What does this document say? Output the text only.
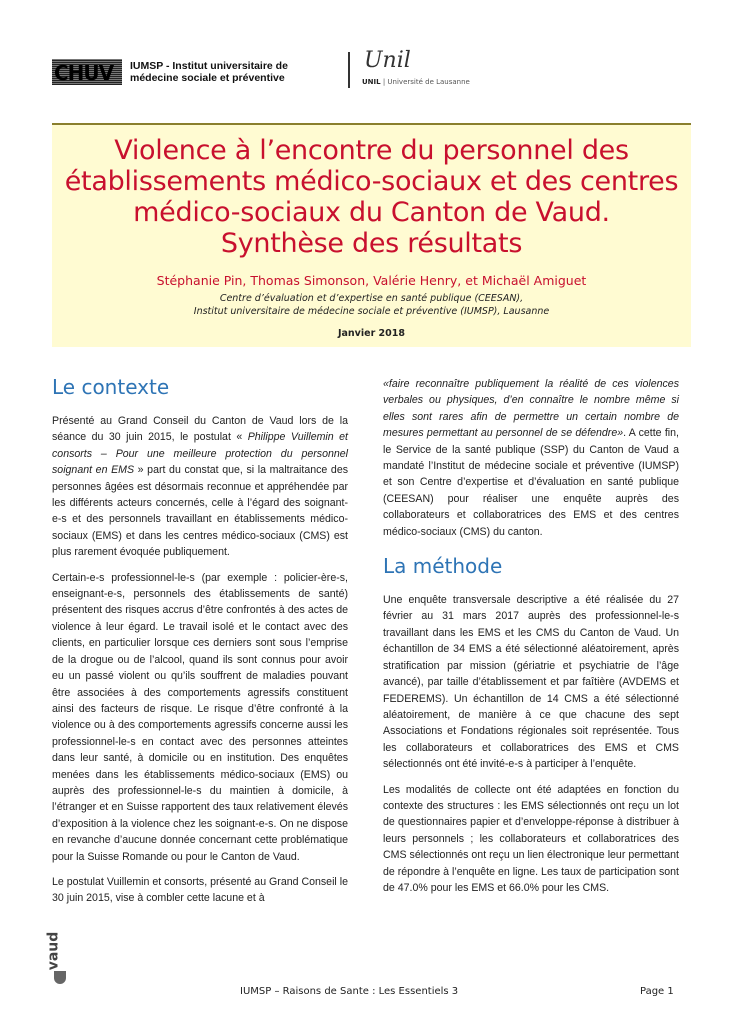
CHUV IUMSP - Institut universitaire de
médecine sociale et préventive
Unil
UNIL | Université de Lausanne
Violence à l’encontre du personnel des
établissements médico-sociaux et des centres
médico-sociaux du Canton de Vaud.
Synthèse des résultats
Stéphanie Pin, Thomas Simonson, Valérie Henry, et Michaël Amiguet
Centre d’évaluation et d’expertise en santé publique (CEESAN),
Institut universitaire de médecine sociale et préventive (IUMSP), Lausanne
Janvier 2018
Le contexte

Présenté au Grand Conseil du Canton de Vaud lors de la séance du 30 juin 2015, le postulat « Philippe Vuillemin et consorts – Pour une meilleure protection du personnel soignant en EMS » part du constat que, si la maltraitance des personnes âgées est désormais reconnue et appréhendée par les différents acteurs concernés, celle à l’égard des soignant-e-s et des personnels travaillant en établissements médico-sociaux (EMS) et dans les centres médico-sociaux (CMS) est plus rarement évoquée publiquement.

Certain-e-s professionnel-le-s (par exemple : policier-ère-s, enseignant-e-s, personnels des établissements de santé) présentent des risques accrus d’être confrontés à des actes de violence à leur égard. Le travail isolé et le contact avec des clients, en particulier lorsque ces derniers sont sous l’emprise de la drogue ou de l’alcool, quand ils sont connus pour avoir eu un passé violent ou qu’ils souffrent de maladies pouvant être associées à des comportements agressifs constituent ainsi des facteurs de risque. Le risque d’être confronté à la violence ou à des comportements agressifs concerne aussi les professionnel-le-s en contact avec des personnes atteintes dans leur santé, à domicile ou en institution. Des enquêtes menées dans les établissements médico-sociaux (EMS) ou auprès des professionnel-le-s du maintien à domicile, à l’étranger et en Suisse rapportent des taux relativement élevés d’exposition à la violence chez les soignant-e-s. On ne dispose en revanche d’aucune donnée concernant cette problématique pour la Suisse Romande ou pour le Canton de Vaud.

Le postulat Vuillemin et consorts, présenté au Grand Conseil le 30 juin 2015, vise à combler cette lacune et à

«faire reconnaître publiquement la réalité de ces violences verbales ou physiques, d’en connaître le nombre même si elles sont rares afin de permettre un certain nombre de mesures permettant au personnel de se défendre». A cette fin, le Service de la santé publique (SSP) du Canton de Vaud a mandaté l’Institut de médecine sociale et préventive (IUMSP) et son Centre d’expertise et d’évaluation en santé publique (CEESAN) pour réaliser une enquête auprès des collaborateurs et collaboratrices des EMS et des centres médico-sociaux (CMS) du canton.

La méthode

Une enquête transversale descriptive a été réalisée du 27 février au 31 mars 2017 auprès des professionnel-le-s travaillant dans les EMS et les CMS du Canton de Vaud. Un échantillon de 34 EMS a été sélectionné aléatoirement, après stratification par mission (gériatrie et psychiatrie de l’âge avancé), par taille d’établissement et par faîtière (AVDEMS et FEDEREMS). Un échantillon de 14 CMS a été sélectionné aléatoirement, de manière à ce que chacune des sept Associations et Fondations régionales soit représentée. Tous les collaborateurs et collaboratrices des EMS et CMS sélectionnés ont été invité-e-s à participer à l’enquête.

Les modalités de collecte ont été adaptées en fonction du contexte des structures : les EMS sélectionnés ont reçu un lot de questionnaires papier et d’enveloppe-réponse à distribuer à leurs personnels ; les collaborateurs et collaboratrices des CMS sélectionnés ont reçu un lien électronique leur permettant de répondre à l’enquête en ligne. Les taux de participation sont de 47.0% pour les EMS et 66.0% pour les CMS.

vaud
IUMSP – Raisons de Sante : Les Essentiels 3	Page 1
